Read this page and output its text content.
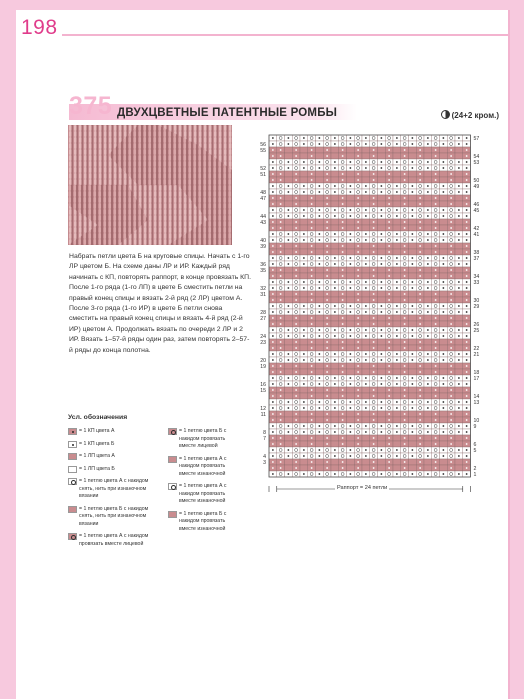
198
375 ДВУХЦВЕТНЫЕ ПАТЕНТНЫЕ РОМБЫ	(24+2 кром.)

Набрать петли цвета Б на круговые спицы. Начать с 1-го ЛР цветом Б. На схеме даны ЛР и ИР. Каждый ряд начинать с КП, повторять раппорт, в конце провязать КП. После 1-го ряда (1-го ЛП) в цвете Б сместить петли на правый конец спицы и вязать 2-й ряд (2 ЛР) цветом А. После 3-го ряда (1-го ИР) в цвете Б петли снова сместить на правый конец спицы и вязать 4-й ряд (2-й ИР) цветом А. Продолжать вязать по очереди 2 ЛР и 2 ИР. Вязать 1–57-й ряды один раз, затем повторять 2–57-й ряды до конца полотна.

Усл. обозначения
= 1 КП цвета А
= 1 КП цвета Б
= 1 ЛП цвета А
= 1 ЛП цвета Б
= 1 петлю цвета А с накидом снять, нить при изнаночном вязании
= 1 петлю цвета Б с накидом снять, нить при изнаночном вязании
= 1 петлю цвета А с накидом провязать вместе лицевой
= 1 петлю цвета Б с накидом провязать вместе лицевой
= 1 петлю цвета А с накидом провязать вместе изнаночной
= 1 петлю цвета А с накидом провязать вместе изнаночной
= 1 петлю цвета Б с накидом провязать вместе изнаночной
57
54
53
50
49
46
45
42
41
38
37
34
33
30
29
26
25
22
21
18
17
14
13
10
9
6
5
2
1
56
55
52
51
48
47
44
43
40
39
36
35
32
31
28
27
24
23
20
19
16
15
12
11
8
7
4
3
Раппорт = 24 петли
